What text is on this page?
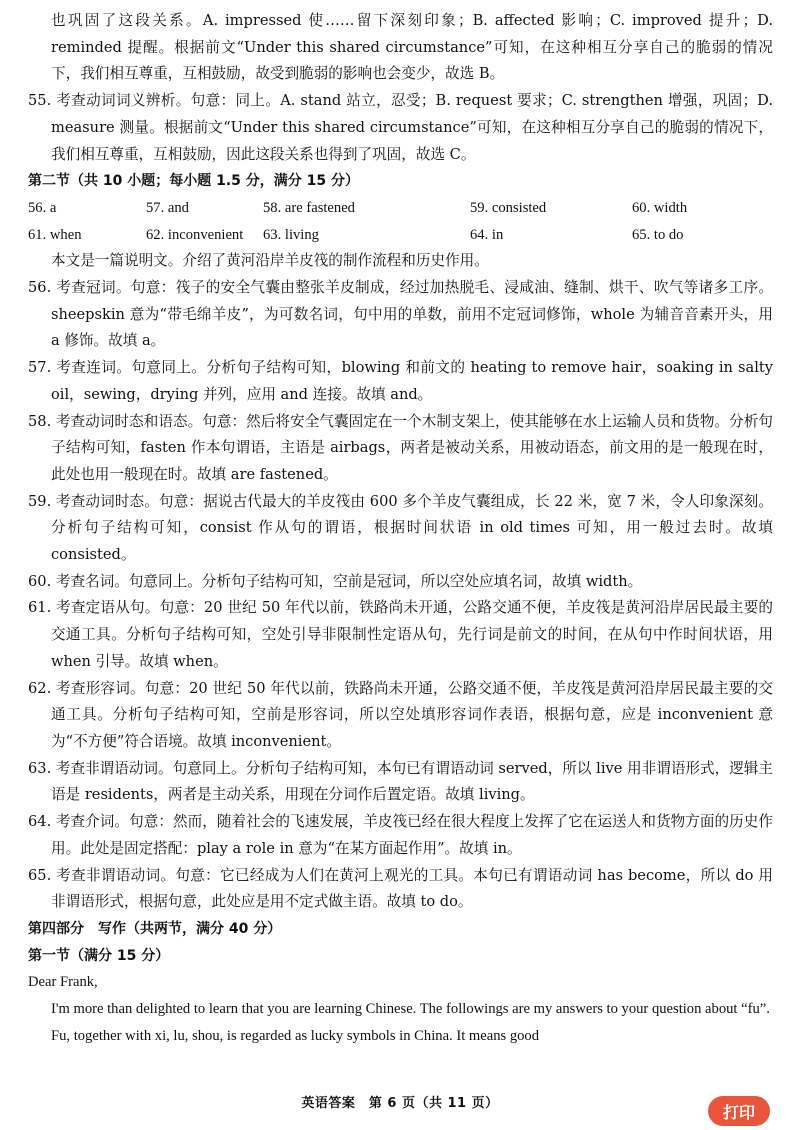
也巩固了这段关系。A. impressed 使……留下深刻印象；B. affected 影响；C. improved 提升；D. reminded 提醒。根据前文“Under this shared circumstance”可知，在这种相互分享自己的脆弱的情况下，我们相互尊重，互相鼓励，故受到脆弱的影响也会变少，故选 B。

55. 考查动词词义辨析。句意：同上。A. stand 站立，忍受；B. request 要求；C. strengthen 增强，巩固；D. measure 测量。根据前文“Under this shared circumstance”可知，在这种相互分享自己的脆弱的情况下，我们相互尊重，互相鼓励，因此这段关系也得到了巩固，故选 C。

第二节（共 10 小题；每小题 1.5 分，满分 15 分）

56. a	57. and	58. are fastened	59. consisted	60. width
61. when	62. inconvenient	63. living	64. in	65. to do

本文是一篇说明文。介绍了黄河沿岸羊皮筏的制作流程和历史作用。

56. 考查冠词。句意：筏子的安全气囊由整张羊皮制成，经过加热脱毛、浸咸油、缝制、烘干、吹气等诸多工序。sheepskin 意为“带毛绵羊皮”，为可数名词，句中用的单数，前用不定冠词修饰，whole 为辅音音素开头，用 a 修饰。故填 a。

57. 考查连词。句意同上。分析句子结构可知，blowing 和前文的 heating to remove hair，soaking in salty oil，sewing，drying 并列，应用 and 连接。故填 and。

58. 考查动词时态和语态。句意：然后将安全气囊固定在一个木制支架上，使其能够在水上运输人员和货物。分析句子结构可知，fasten 作本句谓语，主语是 airbags，两者是被动关系，用被动语态，前文用的是一般现在时，此处也用一般现在时。故填 are fastened。

59. 考查动词时态。句意：据说古代最大的羊皮筏由 600 多个羊皮气囊组成，长 22 米，宽 7 米，令人印象深刻。分析句子结构可知，consist 作从句的谓语，根据时间状语 in old times 可知，用一般过去时。故填 consisted。

60. 考查名词。句意同上。分析句子结构可知，空前是冠词，所以空处应填名词，故填 width。

61. 考查定语从句。句意：20 世纪 50 年代以前，铁路尚未开通，公路交通不便，羊皮筏是黄河沿岸居民最主要的交通工具。分析句子结构可知，空处引导非限制性定语从句，先行词是前文的时间，在从句中作时间状语，用 when 引导。故填 when。

62. 考查形容词。句意：20 世纪 50 年代以前，铁路尚未开通，公路交通不便，羊皮筏是黄河沿岸居民最主要的交通工具。分析句子结构可知，空前是形容词，所以空处填形容词作表语，根据句意，应是 inconvenient 意为“不方便”符合语境。故填 inconvenient。

63. 考查非谓语动词。句意同上。分析句子结构可知，本句已有谓语动词 served，所以 live 用非谓语形式，逻辑主语是 residents，两者是主动关系，用现在分词作后置定语。故填 living。

64. 考查介词。句意：然而，随着社会的飞速发展，羊皮筏已经在很大程度上发挥了它在运送人和货物方面的历史作用。此处是固定搭配：play a role in 意为“在某方面起作用”。故填 in。

65. 考查非谓语动词。句意：它已经成为人们在黄河上观光的工具。本句已有谓语动词 has become，所以 do 用非谓语形式，根据句意，此处应是用不定式做主语。故填 to do。

第四部分　写作（共两节，满分 40 分）

第一节（满分 15 分）

Dear Frank,

I'm more than delighted to learn that you are learning Chinese. The followings are my answers to your question about “fu”.

Fu, together with xi, lu, shou, is regarded as lucky symbols in China. It means good

英语答案　第 6 页（共 11 页）	打印
